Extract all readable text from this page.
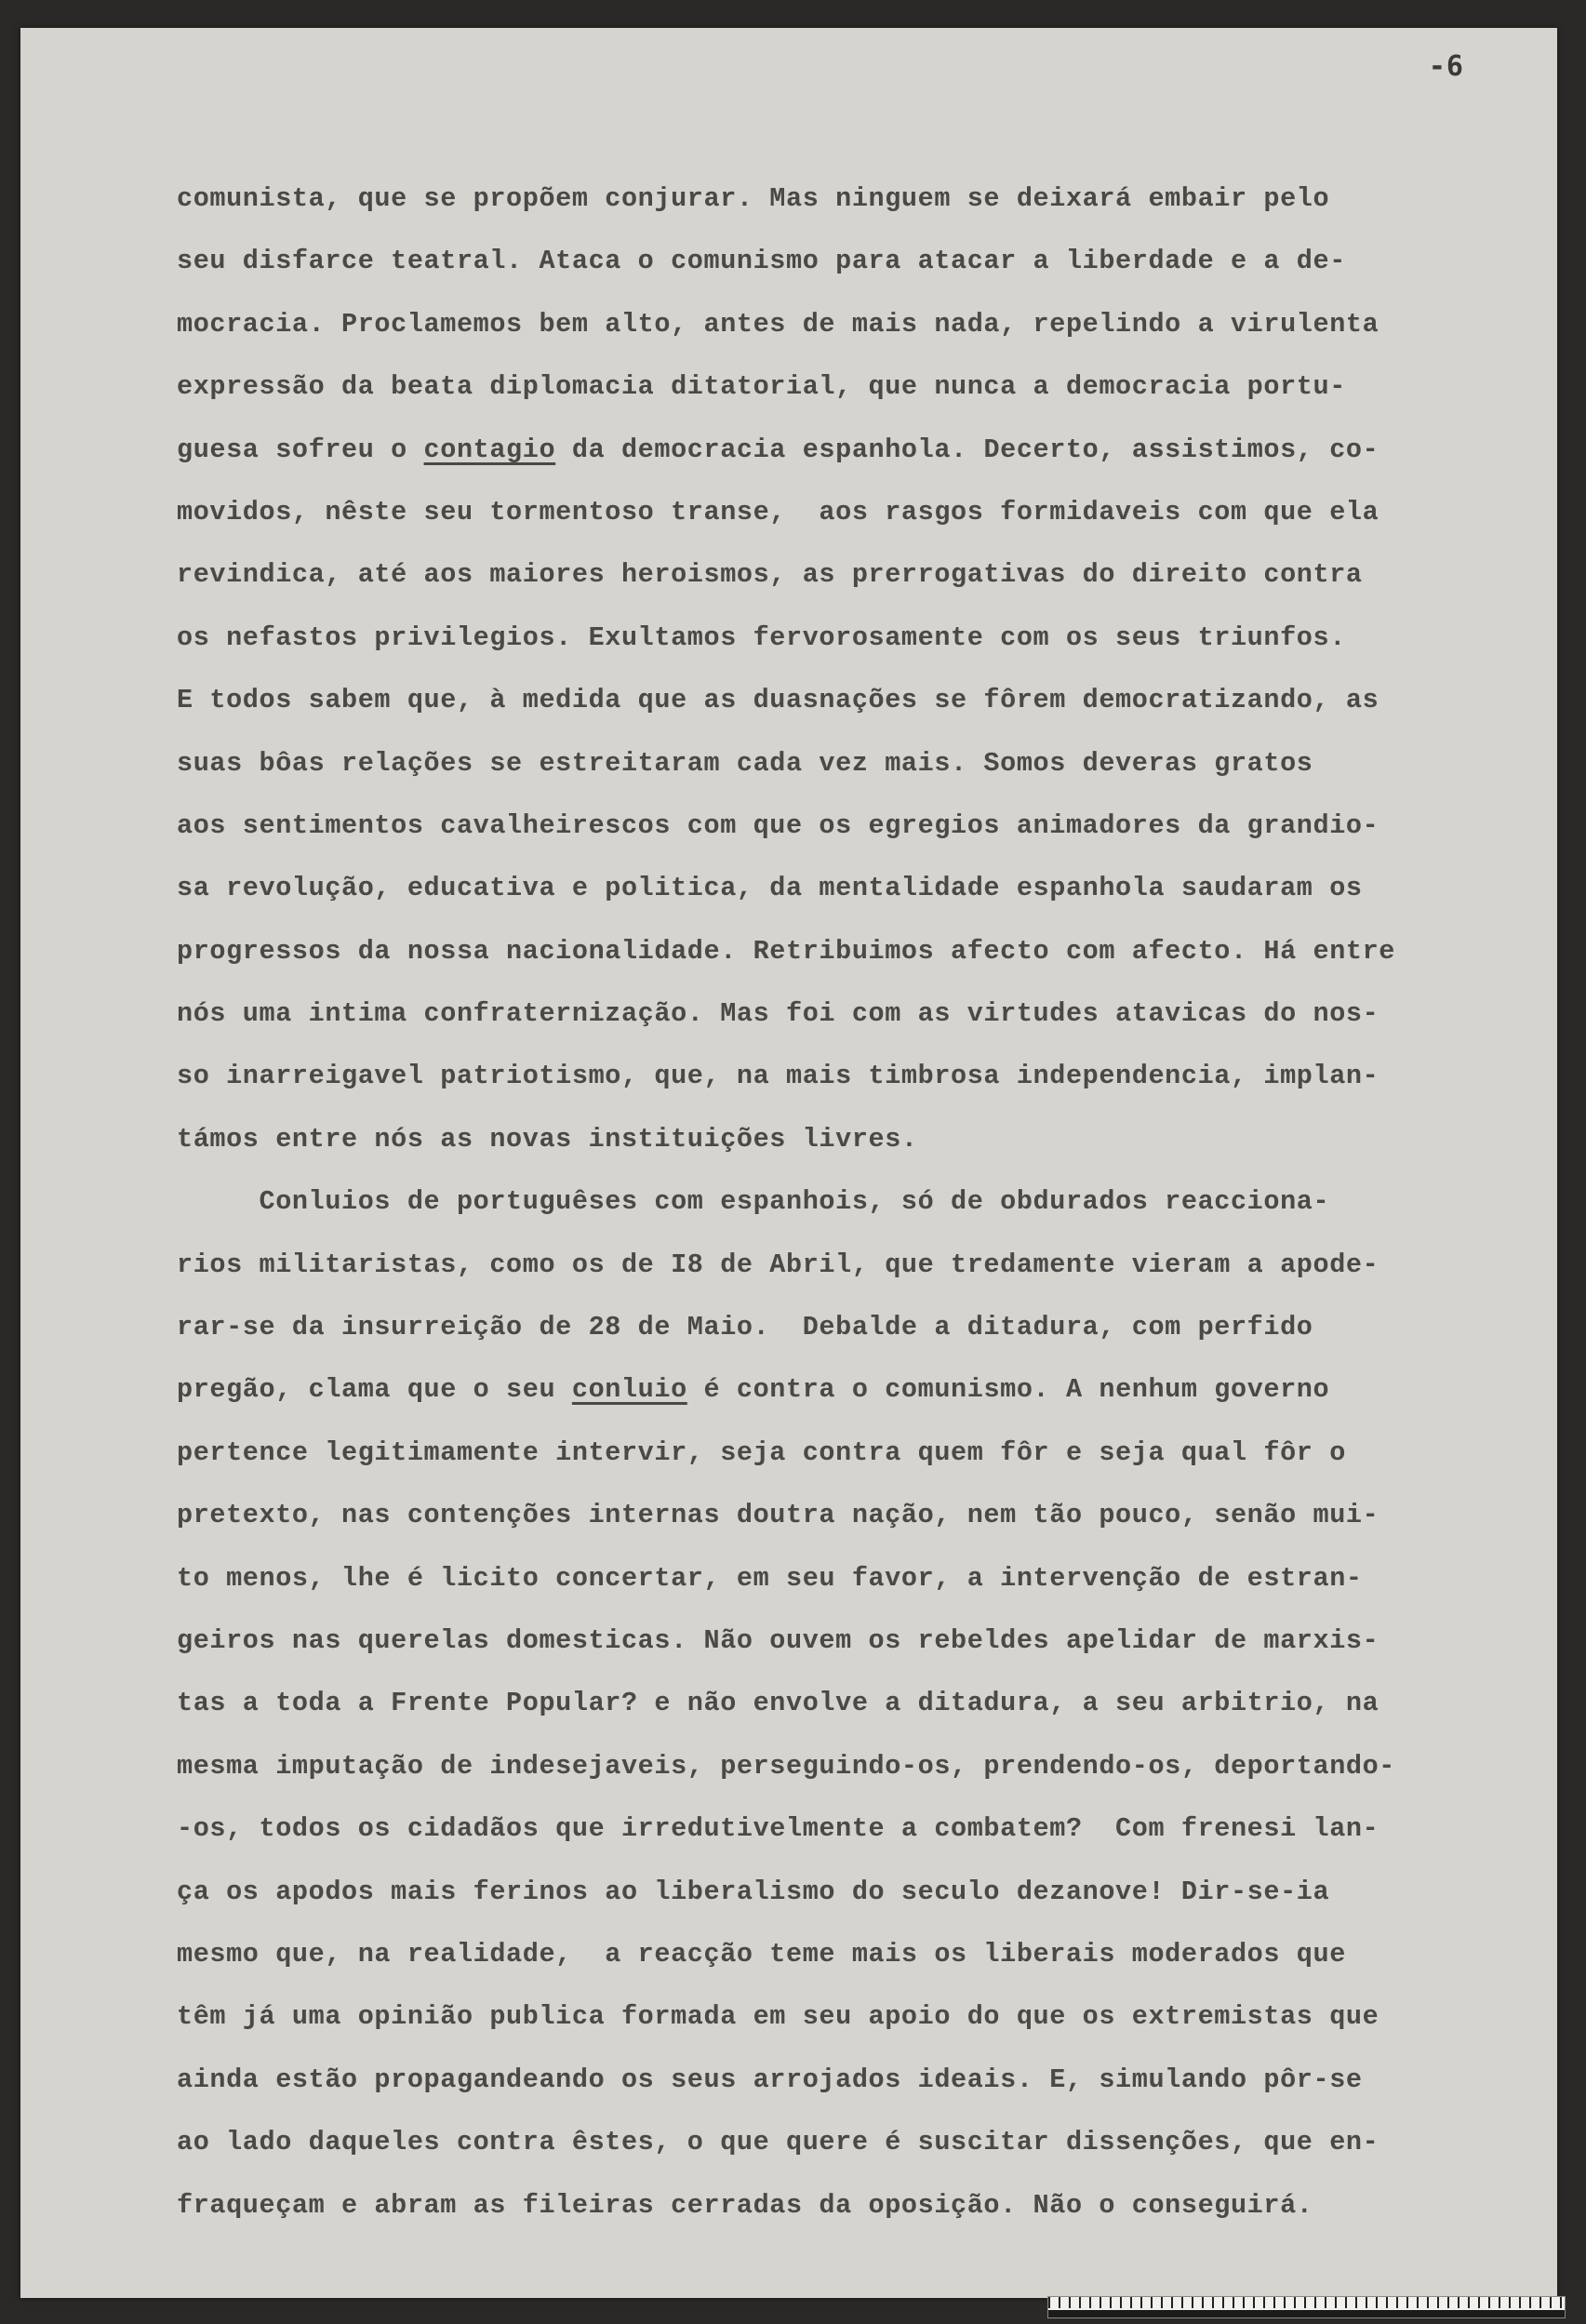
-6
comunista, que se propõem conjurar. Mas ninguem se deixará embair pelo
seu disfarce teatral. Ataca o comunismo para atacar a liberdade e a de-
mocracia. Proclamemos bem alto, antes de mais nada, repelindo a virulenta
expressão da beata diplomacia ditatorial, que nunca a democracia portu-
guesa sofreu o contagio da democracia espanhola. Decerto, assistimos, co-
movidos, nêste seu tormentoso transe,  aos rasgos formidaveis com que ela
revindica, até aos maiores heroismos, as prerrogativas do direito contra
os nefastos privilegios. Exultamos fervorosamente com os seus triunfos.
E todos sabem que, à medida que as duasnações se fôrem democratizando, as
suas bôas relações se estreitaram cada vez mais. Somos deveras gratos
aos sentimentos cavalheirescos com que os egregios animadores da grandio-
sa revolução, educativa e politica, da mentalidade espanhola saudaram os
progressos da nossa nacionalidade. Retribuimos afecto com afecto. Há entre
nós uma intima confraternização. Mas foi com as virtudes atavicas do nos-
so inarreigavel patriotismo, que, na mais timbrosa independencia, implan-
támos entre nós as novas instituições livres.
Conluios de portuguêses com espanhois, só de obdurados reacciona-
rios militaristas, como os de I8 de Abril, que tredamente vieram a apode-
rar-se da insurreição de 28 de Maio.  Debalde a ditadura, com perfido
pregão, clama que o seu conluio é contra o comunismo. A nenhum governo
pertence legitimamente intervir, seja contra quem fôr e seja qual fôr o
pretexto, nas contenções internas doutra nação, nem tão pouco, senão mui-
to menos, lhe é licito concertar, em seu favor, a intervenção de estran-
geiros nas querelas domesticas. Não ouvem os rebeldes apelidar de marxis-
tas a toda a Frente Popular? e não envolve a ditadura, a seu arbitrio, na
mesma imputação de indesejaveis, perseguindo-os, prendendo-os, deportando-
-os, todos os cidadãos que irredutivelmente a combatem?  Com frenesi lan-
ça os apodos mais ferinos ao liberalismo do seculo dezanove! Dir-se-ia
mesmo que, na realidade,  a reacção teme mais os liberais moderados que
têm já uma opinião publica formada em seu apoio do que os extremistas que
ainda estão propagandeando os seus arrojados ideais. E, simulando pôr-se
ao lado daqueles contra êstes, o que quere é suscitar dissenções, que en-
fraqueçam e abram as fileiras cerradas da oposição. Não o conseguirá.
